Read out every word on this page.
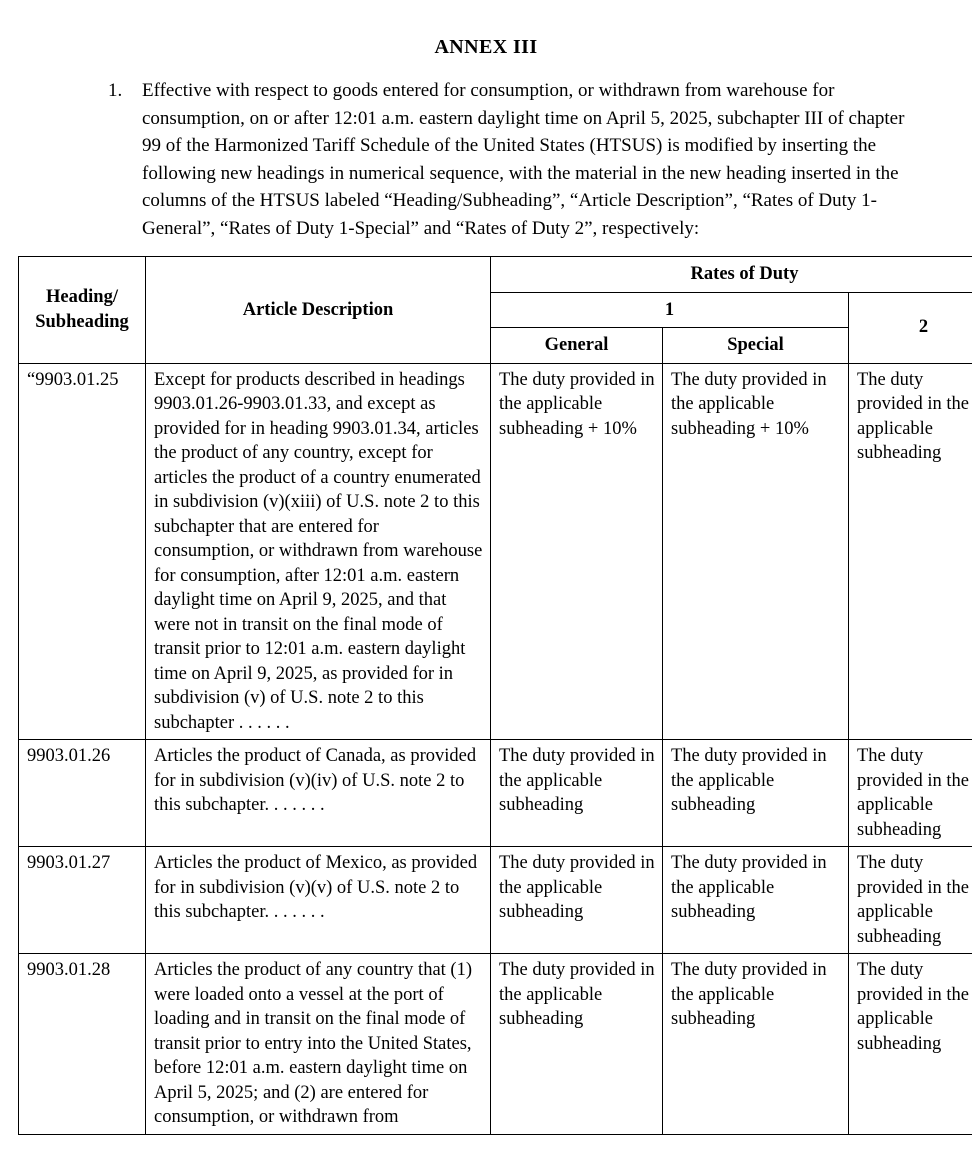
ANNEX III
1.	Effective with respect to goods entered for consumption, or withdrawn from warehouse for consumption, on or after 12:01 a.m. eastern daylight time on April 5, 2025, subchapter III of chapter 99 of the Harmonized Tariff Schedule of the United States (HTSUS) is modified by inserting the following new headings in numerical sequence, with the material in the new heading inserted in the columns of the HTSUS labeled “Heading/Subheading”, “Article Description”, “Rates of Duty 1-General”, “Rates of Duty 1-Special” and “Rates of Duty 2”, respectively:
Heading/
Subheading	Article Description	Rates of Duty		
		1		2
		General	Special	
“9903.01.25	Except for products described in headings 9903.01.26-9903.01.33, and except as provided for in heading 9903.01.34, articles the product of any country, except for articles the product of a country enumerated in subdivision (v)(xiii) of U.S. note 2 to this subchapter that are entered for consumption, or withdrawn from warehouse for consumption, after 12:01 a.m. eastern daylight time on April 9, 2025, and that were not in transit on the final mode of transit prior to 12:01 a.m. eastern daylight time on April 9, 2025, as provided for in subdivision (v) of U.S. note 2 to this subchapter . . . . . .	The duty provided in the applicable subheading + 10%	The duty provided in the applicable subheading + 10%	The duty provided in the applicable subheading
9903.01.26	Articles the product of Canada, as provided for in subdivision (v)(iv) of U.S. note 2 to this subchapter. . . . . . .	The duty provided in the applicable subheading	The duty provided in the applicable subheading	The duty provided in the applicable subheading
9903.01.27	Articles the product of Mexico, as provided for in subdivision (v)(v) of U.S. note 2 to this subchapter. . . . . . .	The duty provided in the applicable subheading	The duty provided in the applicable subheading	The duty provided in the applicable subheading
9903.01.28	Articles the product of any country that (1) were loaded onto a vessel at the port of loading and in transit on the final mode of transit prior to entry into the United States, before 12:01 a.m. eastern daylight time on April 5, 2025; and (2) are entered for consumption, or withdrawn from	The duty provided in the applicable subheading	The duty provided in the applicable subheading	The duty provided in the applicable subheading
